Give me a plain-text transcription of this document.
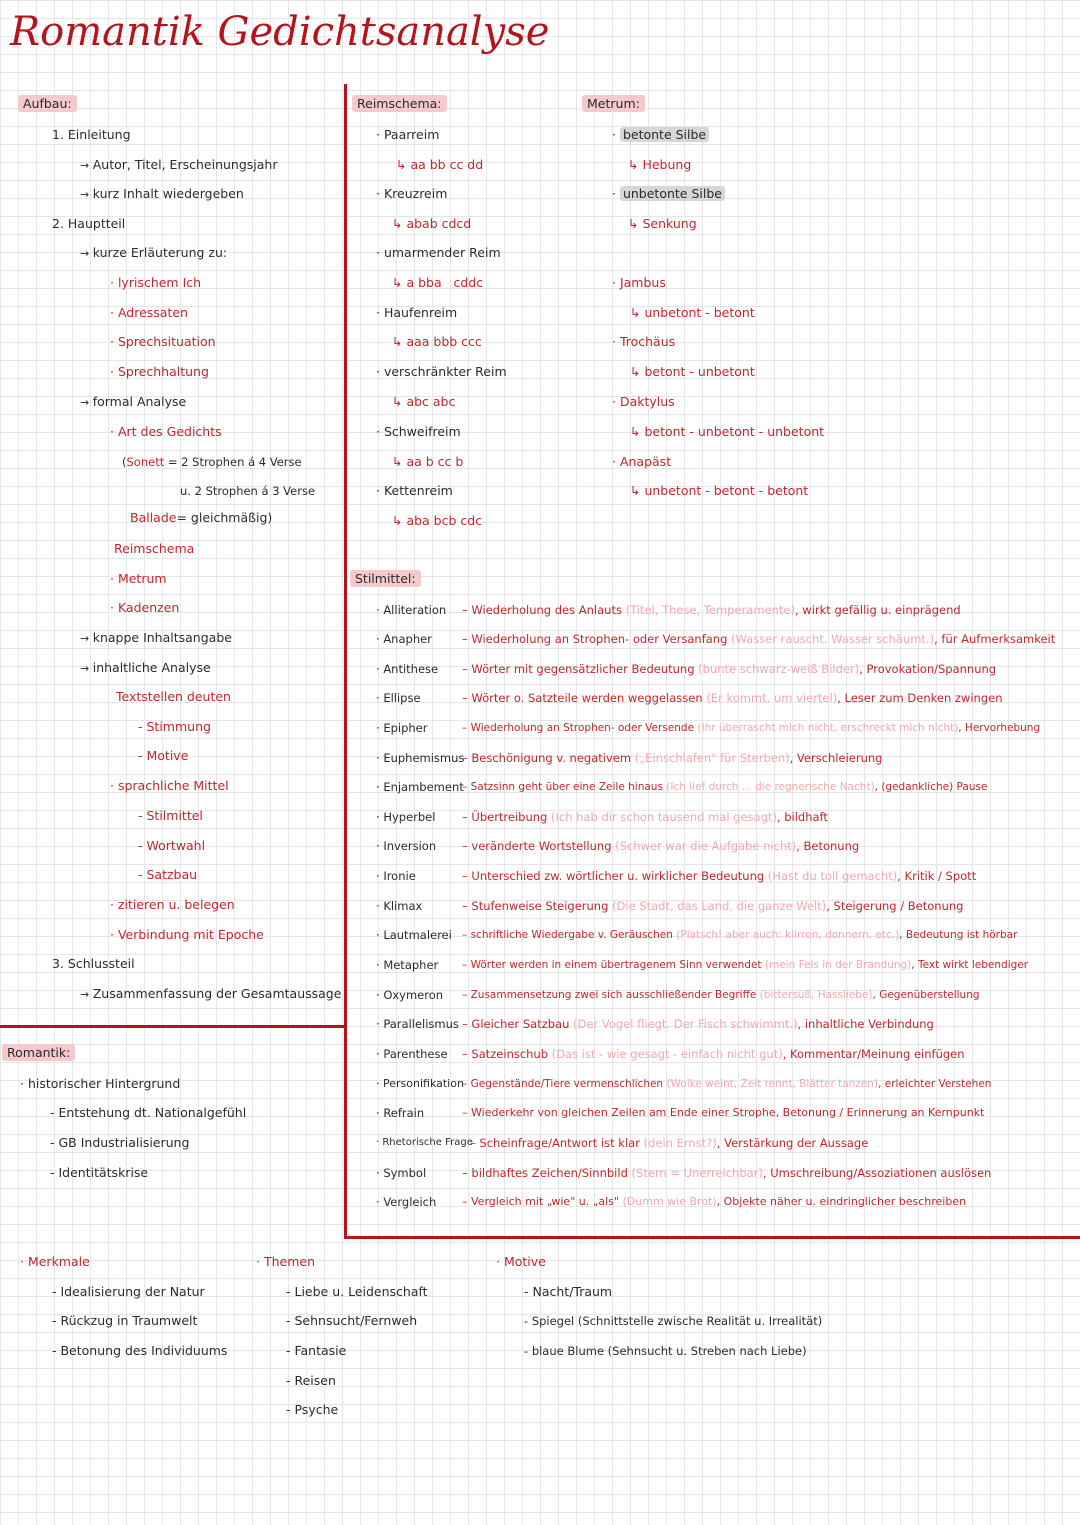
Romantik Gedichtsanalyse
Aufbau:
1. Einleitung
→ Autor, Titel, Erscheinungsjahr
→ kurz Inhalt wiedergeben
2. Hauptteil
→ kurze Erläuterung zu:
· lyrischem Ich
· Adressaten
· Sprechsituation
· Sprechhaltung
→ formal Analyse
· Art des Gedichts
(Sonett = 2 Strophen á 4 Verse
u. 2 Strophen á 3 Verse
Ballade= gleichmäßig)
Reimschema
· Metrum
· Kadenzen
→ knappe Inhaltsangabe
→ inhaltliche Analyse
Textstellen deuten
- Stimmung
- Motive
· sprachliche Mittel
- Stilmittel
- Wortwahl
- Satzbau
· zitieren u. belegen
· Verbindung mit Epoche
3. Schlussteil
→ Zusammenfassung der Gesamtaussage
Reimschema:
· Paarreim
↳ aa bb cc dd
· Kreuzreim
↳ abab cdcd
· umarmender Reim
↳ a bba   cddc
· Haufenreim
↳ aaa bbb ccc
· verschränkter Reim
↳ abc abc
· Schweifreim
↳ aa b cc b
· Kettenreim
↳ aba bcb cdc
Metrum:
· betonte Silbe
↳ Hebung
· unbetonte Silbe
↳ Senkung
· Jambus
↳ unbetont - betont
· Trochäus
↳ betont - unbetont
· Daktylus
↳ betont - unbetont - unbetont
· Anapäst
↳ unbetont - betont - betont
Stilmittel:
· Alliteration – Wiederholung des Anlauts (Titel, These, Temperamente), wirkt gefällig u. einprägend
· Anapher	– Wiederholung an Strophen- oder Versanfang (Wasser rauscht. Wasser schäumt.), für Aufmerksamkeit
· Antithese – Wörter mit gegensätzlicher Bedeutung (bunte schwarz-weiß Bilder), Provokation/Spannung
· Ellipse	– Wörter o. Satzteile werden weggelassen (Er kommt. um viertel), Leser zum Denken zwingen
· Epipher	– Wiederholung an Strophen- oder Versende (Ihr überrascht mich nicht, erschreckt mich nicht), Hervorhebung
· Euphemismus
– Beschönigung v. negativem („Einschlafen" für Sterben), Verschleierung
· Enjambement
– Satzsinn geht über eine Zeile hinaus (Ich lief durch ... die regnerische Nacht), (gedankliche) Pause
· Hyperbel – Übertreibung (Ich hab dir schon tausend mal gesagt), bildhaft
· Inversion – veränderte Wortstellung (Schwer war die Aufgabe nicht), Betonung
· Ironie	– Unterschied zw. wörtlicher u. wirklicher Bedeutung (Hast du toll gemacht), Kritik / Spott
· Klimax	– Stufenweise Steigerung (Die Stadt, das Land, die ganze Welt), Steigerung / Betonung
· Lautmalerei – schriftliche Wiedergabe v. Geräuschen (Platsch! aber auch: klirren, donnern, etc.), Bedeutung ist hörbar
· Metapher – Wörter werden in einem übertragenem Sinn verwendet (mein Fels in der Brandung), Text wirkt lebendiger
· Oxymeron – Zusammensetzung zwei sich ausschließender Begriffe (bittersüß, Hassliebe), Gegenüberstellung
· Parallelismus – Gleicher Satzbau (Der Vogel fliegt. Der Fisch schwimmt.), inhaltliche Verbindung
· Parenthese – Satzeinschub (Das ist - wie gesagt - einfach nicht gut), Kommentar/Meinung einfügen
· Personifikation
– Gegenstände/Tiere vermenschlichen (Wolke weint, Zeit rennt, Blätter tanzen), erleichter Verstehen
· Refrain	– Wiederkehr von gleichen Zeilen am Ende einer Strophe, Betonung / Erinnerung an Kernpunkt
· Rhetorische Frage
– Scheinfrage/Antwort ist klar (dein Ernst?), Verstärkung der Aussage
· Symbol	– bildhaftes Zeichen/Sinnbild (Stern = Unerreichbar), Umschreibung/Assoziationen auslösen
· Vergleich – Vergleich mit „wie" u. „als" (Dumm wie Brot), Objekte näher u. eindringlicher beschreiben
Romantik:
· historischer Hintergrund
- Entstehung dt. Nationalgefühl
- GB Industrialisierung
- Identitätskrise
· Merkmale
- Idealisierung der Natur
- Rückzug in Traumwelt
- Betonung des Individuums
· Themen
- Liebe u. Leidenschaft
- Sehnsucht/Fernweh
- Fantasie
- Reisen
- Psyche
· Motive
- Nacht/Traum
- Spiegel (Schnittstelle zwische Realität u. Irrealität)
- blaue Blume (Sehnsucht u. Streben nach Liebe)
